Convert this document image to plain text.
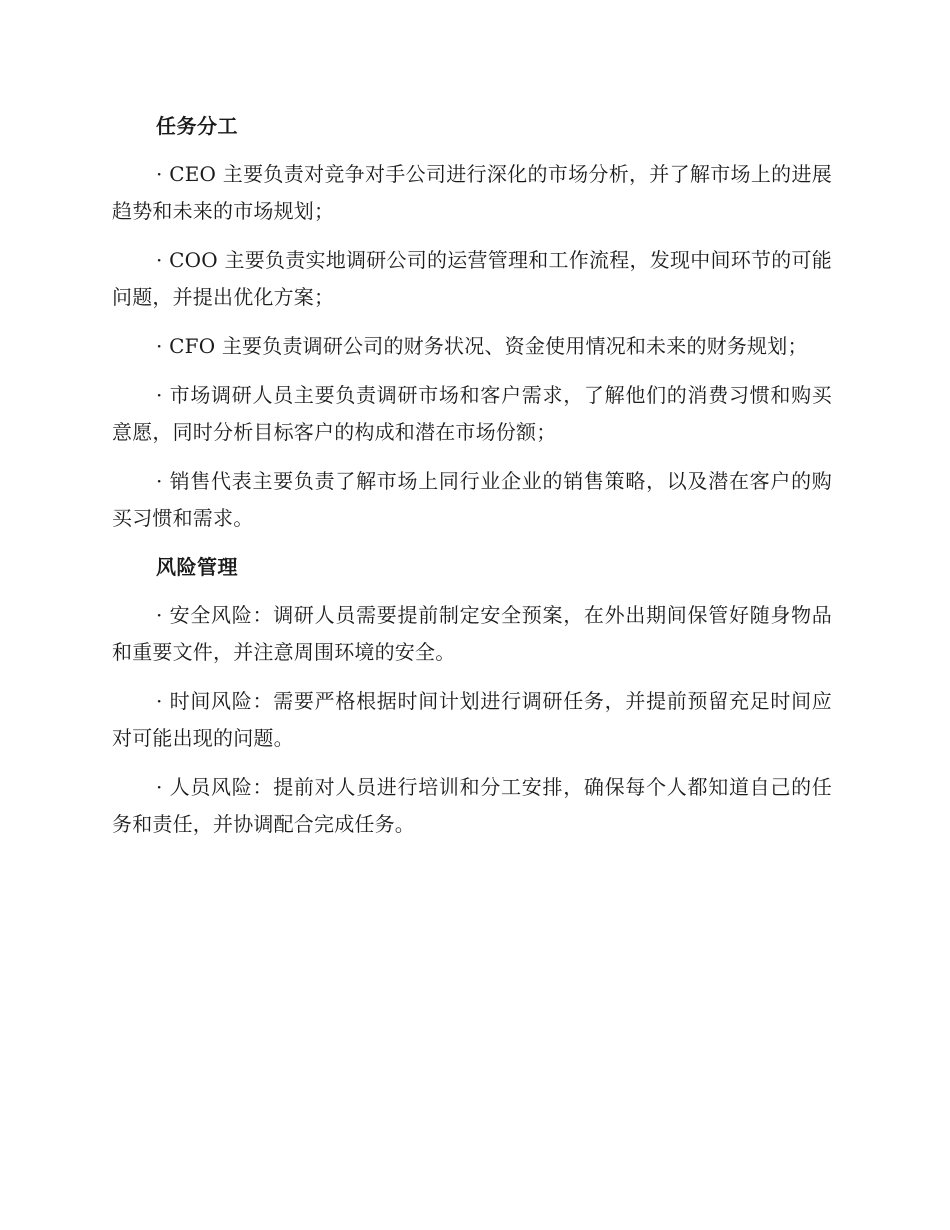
任务分工

· CEO 主要负责对竞争对手公司进行深化的市场分析，并了解市场上的进展趋势和未来的市场规划；

· COO 主要负责实地调研公司的运营管理和工作流程，发现中间环节的可能问题，并提出优化方案；

· CFO 主要负责调研公司的财务状况、资金使用情况和未来的财务规划；

· 市场调研人员主要负责调研市场和客户需求，了解他们的消费习惯和购买意愿，同时分析目标客户的构成和潜在市场份额；

· 销售代表主要负责了解市场上同行业企业的销售策略，以及潜在客户的购买习惯和需求。

风险管理

· 安全风险：调研人员需要提前制定安全预案，在外出期间保管好随身物品和重要文件，并注意周围环境的安全。

· 时间风险：需要严格根据时间计划进行调研任务，并提前预留充足时间应对可能出现的问题。

· 人员风险：提前对人员进行培训和分工安排，确保每个人都知道自己的任务和责任，并协调配合完成任务。
